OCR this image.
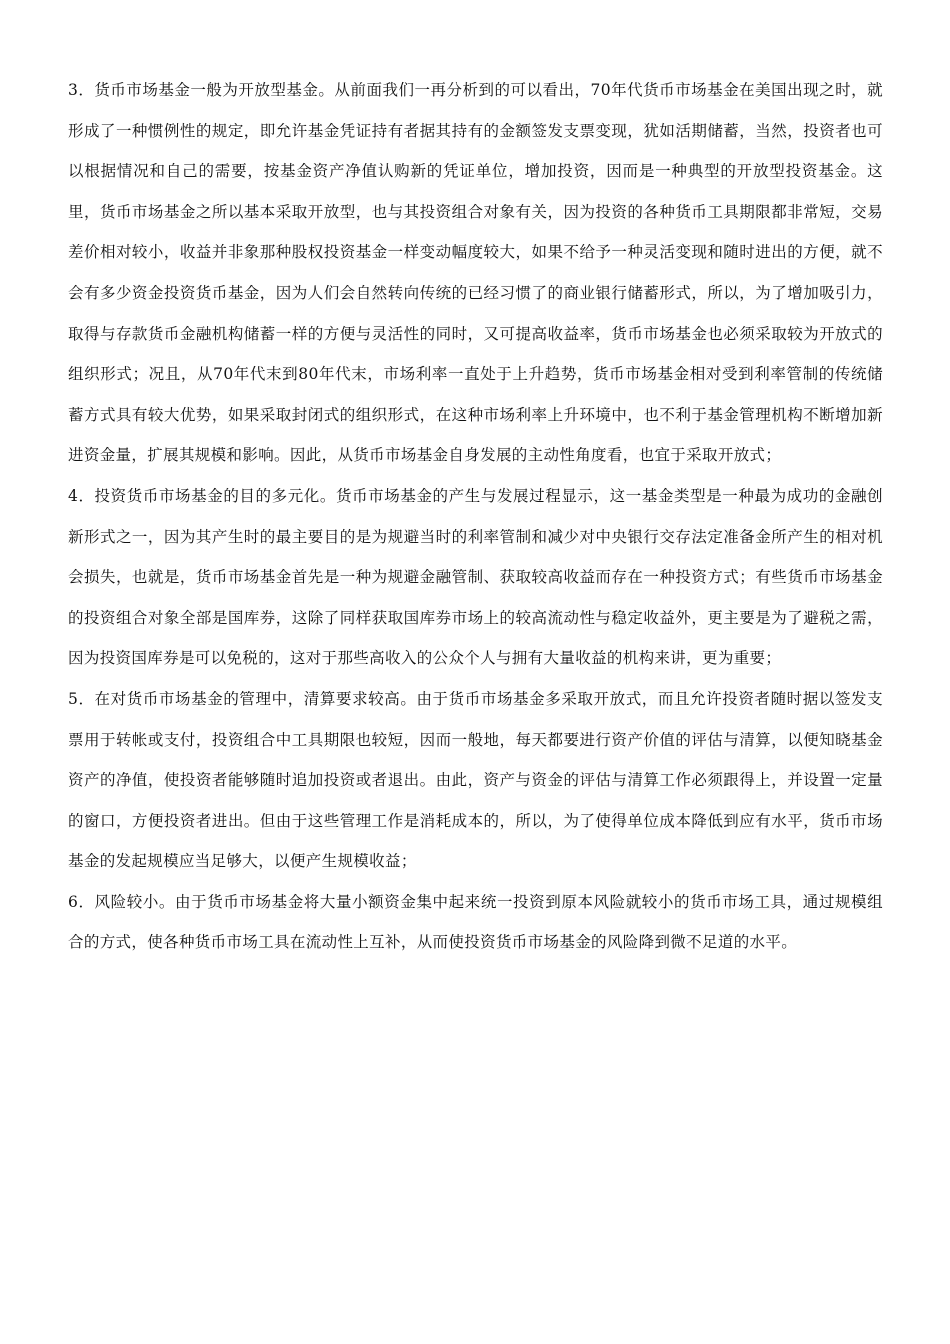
3．货币市场基金一般为开放型基金。从前面我们一再分析到的可以看出，70年代货币市场基金在美国出现之时，就形成了一种惯例性的规定，即允许基金凭证持有者据其持有的金额签发支票变现，犹如活期储蓄，当然，投资者也可以根据情况和自己的需要，按基金资产净值认购新的凭证单位，增加投资，因而是一种典型的开放型投资基金。这里，货币市场基金之所以基本采取开放型，也与其投资组合对象有关，因为投资的各种货币工具期限都非常短，交易差价相对较小，收益并非象那种股权投资基金一样变动幅度较大，如果不给予一种灵活变现和随时进出的方便，就不会有多少资金投资货币基金，因为人们会自然转向传统的已经习惯了的商业银行储蓄形式，所以，为了增加吸引力，取得与存款货币金融机构储蓄一样的方便与灵活性的同时，又可提高收益率，货币市场基金也必须采取较为开放式的组织形式；况且，从70年代末到80年代末，市场利率一直处于上升趋势，货币市场基金相对受到利率管制的传统储蓄方式具有较大优势，如果采取封闭式的组织形式，在这种市场利率上升环境中，也不利于基金管理机构不断增加新进资金量，扩展其规模和影响。因此，从货币市场基金自身发展的主动性角度看，也宜于采取开放式；

4．投资货币市场基金的目的多元化。货币市场基金的产生与发展过程显示，这一基金类型是一种最为成功的金融创新形式之一，因为其产生时的最主要目的是为规避当时的利率管制和减少对中央银行交存法定准备金所产生的相对机会损失，也就是，货币市场基金首先是一种为规避金融管制、获取较高收益而存在一种投资方式；有些货币市场基金的投资组合对象全部是国库券，这除了同样获取国库券市场上的较高流动性与稳定收益外，更主要是为了避税之需，因为投资国库券是可以免税的，这对于那些高收入的公众个人与拥有大量收益的机构来讲，更为重要；

5．在对货币市场基金的管理中，清算要求较高。由于货币市场基金多采取开放式，而且允许投资者随时据以签发支票用于转帐或支付，投资组合中工具期限也较短，因而一般地，每天都要进行资产价值的评估与清算，以便知晓基金资产的净值，使投资者能够随时追加投资或者退出。由此，资产与资金的评估与清算工作必须跟得上，并设置一定量的窗口，方便投资者进出。但由于这些管理工作是消耗成本的，所以，为了使得单位成本降低到应有水平，货币市场基金的发起规模应当足够大，以便产生规模收益；

6．风险较小。由于货币市场基金将大量小额资金集中起来统一投资到原本风险就较小的货币市场工具，通过规模组合的方式，使各种货币市场工具在流动性上互补，从而使投资货币市场基金的风险降到微不足道的水平。
